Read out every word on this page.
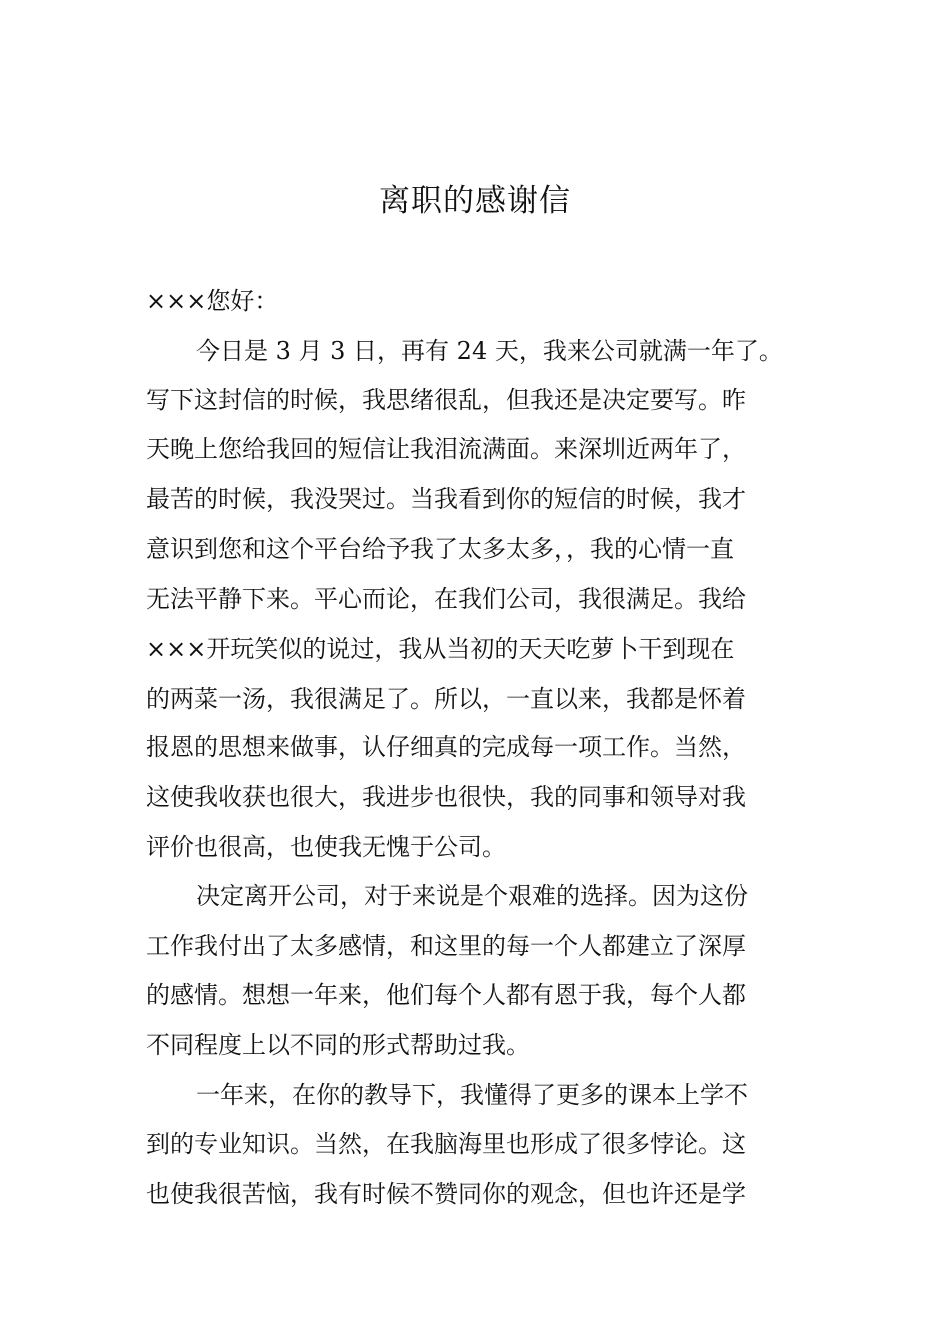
离职的感谢信
×××您好：
今日是 3 月 3 日，再有 24 天，我来公司就满一年了。
写下这封信的时候，我思绪很乱，但我还是决定要写。昨
天晚上您给我回的短信让我泪流满面。来深圳近两年了，
最苦的时候，我没哭过。当我看到你的短信的时候，我才
意识到您和这个平台给予我了太多太多，，我的心情一直
无法平静下来。平心而论，在我们公司，我很满足。我给
×××开玩笑似的说过，我从当初的天天吃萝卜干到现在
的两菜一汤，我很满足了。所以，一直以来，我都是怀着
报恩的思想来做事，认仔细真的完成每一项工作。当然，
这使我收获也很大，我进步也很快，我的同事和领导对我
评价也很高，也使我无愧于公司。
决定离开公司，对于来说是个艰难的选择。因为这份
工作我付出了太多感情，和这里的每一个人都建立了深厚
的感情。想想一年来，他们每个人都有恩于我，每个人都
不同程度上以不同的形式帮助过我。
一年来，在你的教导下，我懂得了更多的课本上学不
到的专业知识。当然，在我脑海里也形成了很多悖论。这
也使我很苦恼，我有时候不赞同你的观念，但也许还是学
